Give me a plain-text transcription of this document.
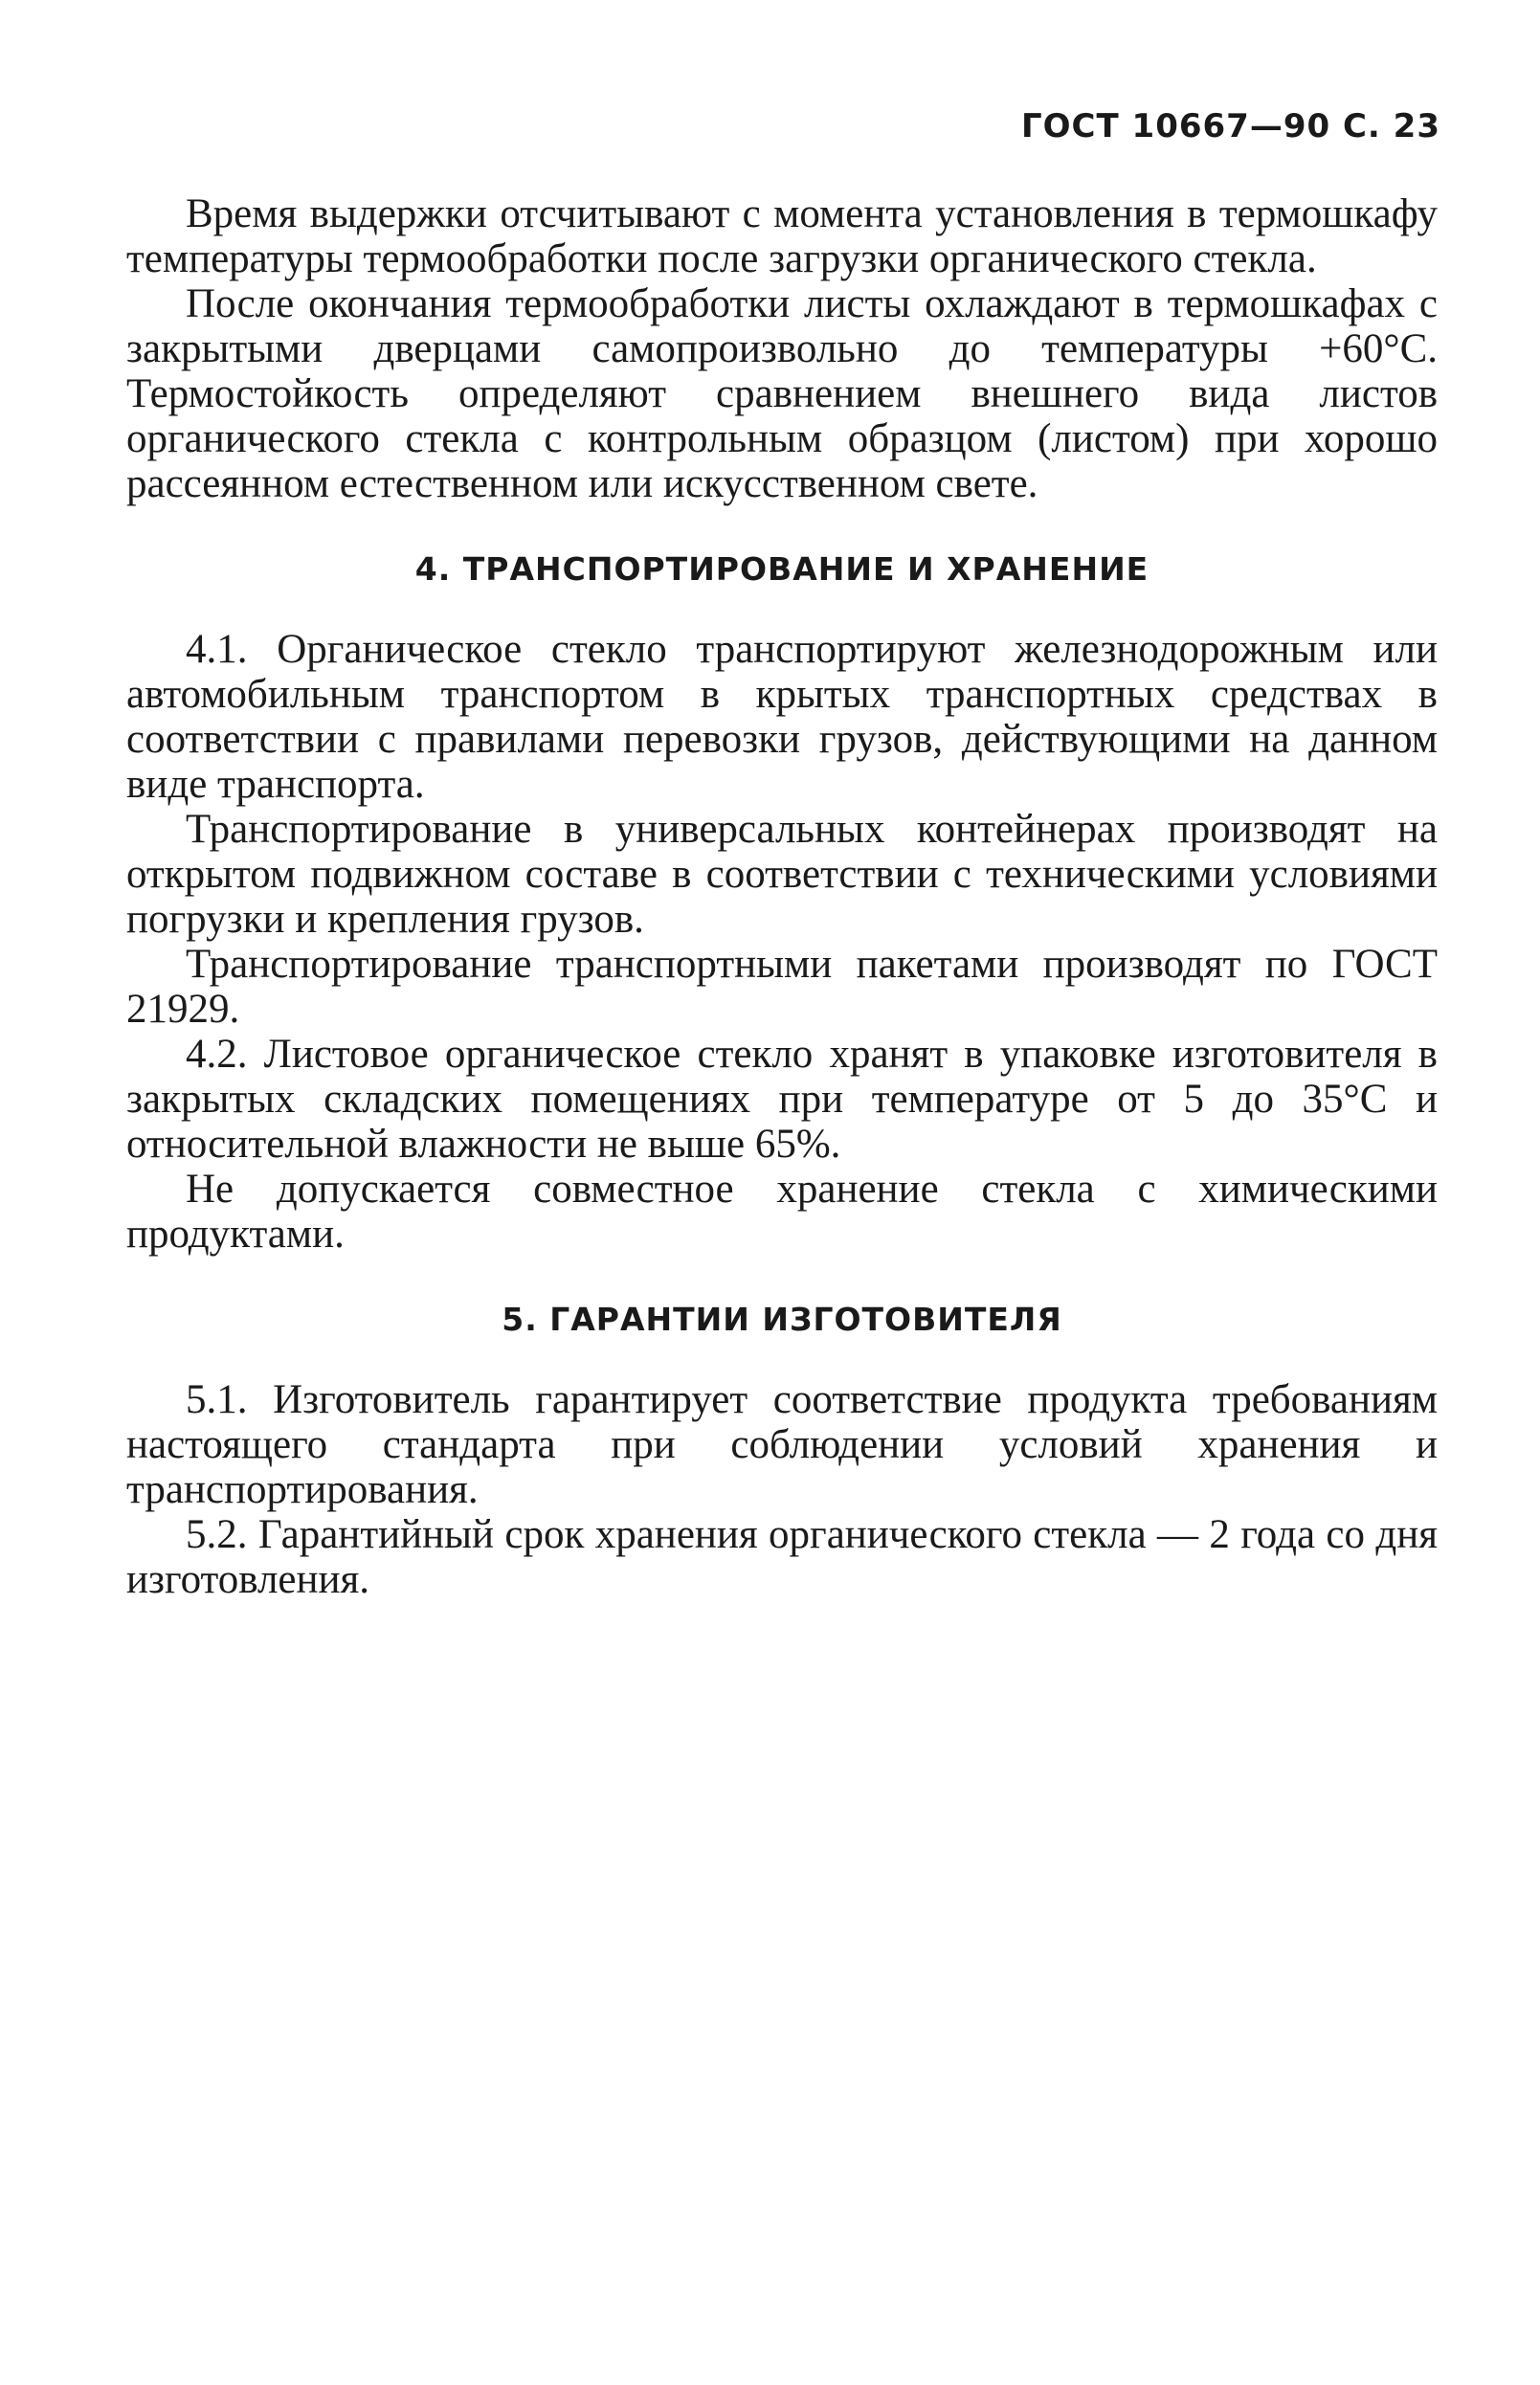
ГОСТ 10667—90 С. 23

Время выдержки отсчитывают с момента установления в термошкафу температуры термообработки после загрузки органического стекла.

После окончания термообработки листы охлаждают в термошкафах с закрытыми дверцами самопроизвольно до температуры +60°С. Термостойкость определяют сравнением внешнего вида листов органического стекла с контрольным образцом (листом) при хорошо рассеянном естественном или искусственном свете.

4. ТРАНСПОРТИРОВАНИЕ И ХРАНЕНИЕ

4.1. Органическое стекло транспортируют железнодорожным или автомобильным транспортом в крытых транспортных средствах в соответствии с правилами перевозки грузов, действующими на данном виде транспорта.

Транспортирование в универсальных контейнерах производят на открытом подвижном составе в соответствии с техническими условиями погрузки и крепления грузов.

Транспортирование транспортными пакетами производят по ГОСТ 21929.

4.2. Листовое органическое стекло хранят в упаковке изготовителя в закрытых складских помещениях при температуре от 5 до 35°С и относительной влажности не выше 65%.

Не допускается совместное хранение стекла с химическими продуктами.

5. ГАРАНТИИ ИЗГОТОВИТЕЛЯ

5.1. Изготовитель гарантирует соответствие продукта требованиям настоящего стандарта при соблюдении условий хранения и транспортирования.

5.2. Гарантийный срок хранения органического стекла — 2 года со дня изготовления.
